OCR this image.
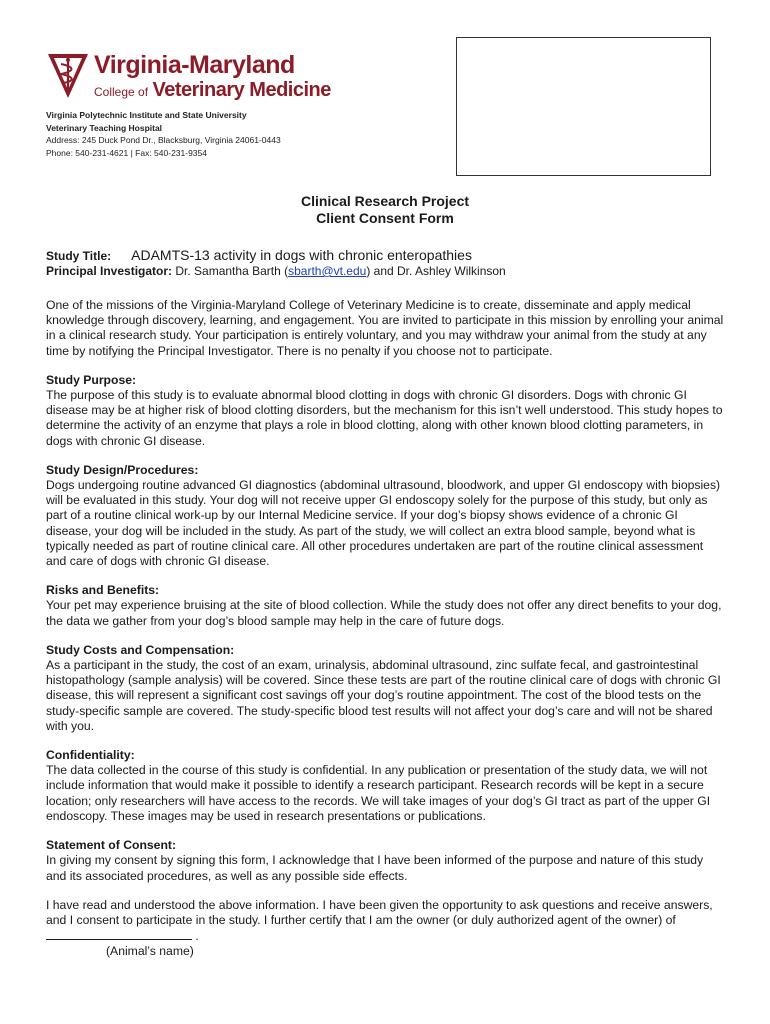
Virginia-Maryland
College of Veterinary Medicine
Virginia Polytechnic Institute and State University
Veterinary Teaching Hospital
Address: 245 Duck Pond Dr., Blacksburg, Virginia 24061-0443
Phone: 540-231-4621 | Fax: 540-231-9354
Clinical Research Project
Client Consent Form
Study Title: ADAMTS-13 activity in dogs with chronic enteropathies
Principal Investigator: Dr. Samantha Barth (sbarth@vt.edu) and Dr. Ashley Wilkinson

One of the missions of the Virginia-Maryland College of Veterinary Medicine is to create, disseminate and apply medical knowledge through discovery, learning, and engagement. You are invited to participate in this mission by enrolling your animal in a clinical research study. Your participation is entirely voluntary, and you may withdraw your animal from the study at any time by notifying the Principal Investigator. There is no penalty if you choose not to participate.

Study Purpose:

The purpose of this study is to evaluate abnormal blood clotting in dogs with chronic GI disorders. Dogs with chronic GI disease may be at higher risk of blood clotting disorders, but the mechanism for this isn’t well understood. This study hopes to determine the activity of an enzyme that plays a role in blood clotting, along with other known blood clotting parameters, in dogs with chronic GI disease.

Study Design/Procedures:

Dogs undergoing routine advanced GI diagnostics (abdominal ultrasound, bloodwork, and upper GI endoscopy with biopsies) will be evaluated in this study. Your dog will not receive upper GI endoscopy solely for the purpose of this study, but only as part of a routine clinical work-up by our Internal Medicine service. If your dog’s biopsy shows evidence of a chronic GI disease, your dog will be included in the study. As part of the study, we will collect an extra blood sample, beyond what is typically needed as part of routine clinical care. All other procedures undertaken are part of the routine clinical assessment and care of dogs with chronic GI disease.

Risks and Benefits:

Your pet may experience bruising at the site of blood collection. While the study does not offer any direct benefits to your dog, the data we gather from your dog’s blood sample may help in the care of future dogs.

Study Costs and Compensation:

As a participant in the study, the cost of an exam, urinalysis, abdominal ultrasound, zinc sulfate fecal, and gastrointestinal histopathology (sample analysis) will be covered. Since these tests are part of the routine clinical care of dogs with chronic GI disease, this will represent a significant cost savings off your dog’s routine appointment. The cost of the blood tests on the study-specific sample are covered. The study-specific blood test results will not affect your dog’s care and will not be shared with you.

Confidentiality:

The data collected in the course of this study is confidential. In any publication or presentation of the study data, we will not include information that would make it possible to identify a research participant. Research records will be kept in a secure location; only researchers will have access to the records. We will take images of your dog’s GI tract as part of the upper GI endoscopy. These images may be used in research presentations or publications.

Statement of Consent:

In giving my consent by signing this form, I acknowledge that I have been informed of the purpose and nature of this study and its associated procedures, as well as any possible side effects.

I have read and understood the above information. I have been given the opportunity to ask questions and receive answers, and I consent to participate in the study. I further certify that I am the owner (or duly authorized agent of the owner) of  .

(Animal’s name)
